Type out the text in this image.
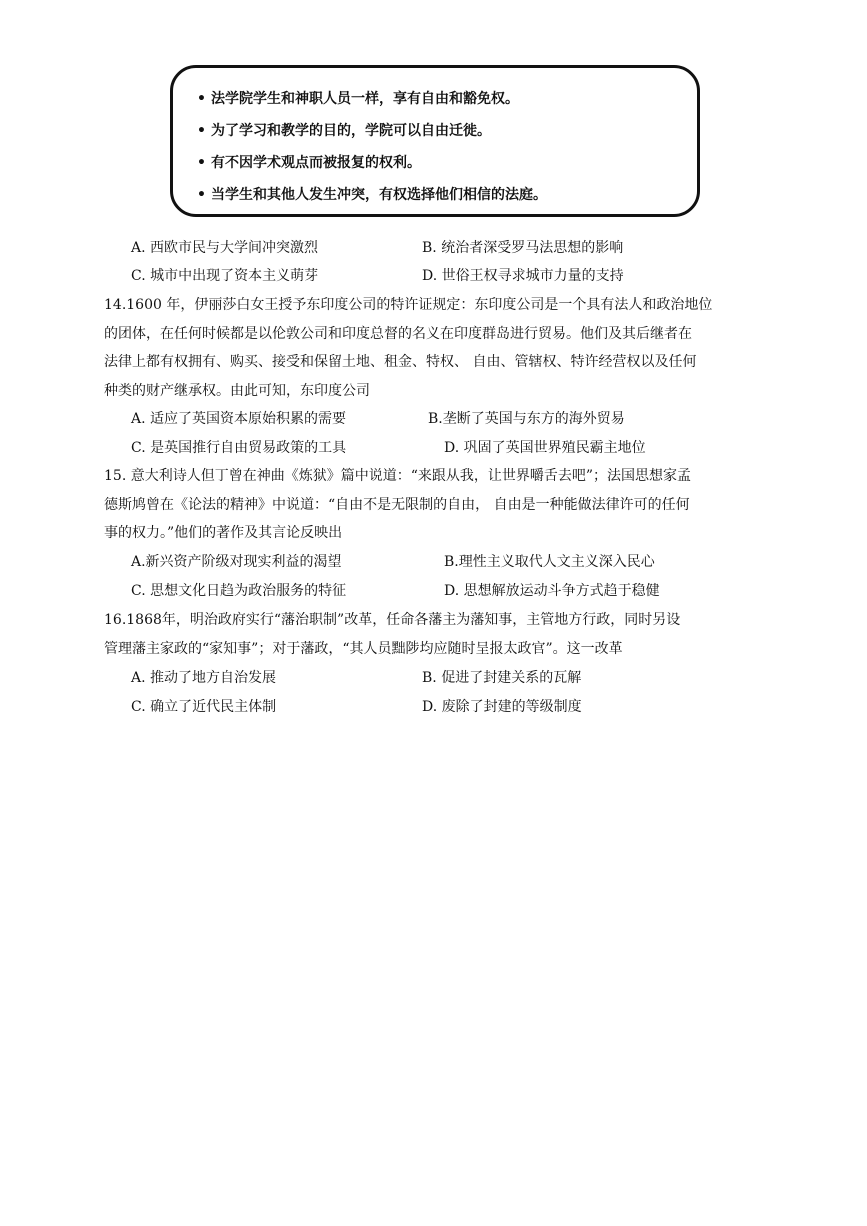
• 法学院学生和神职人员一样，享有自由和豁免权。
• 为了学习和教学的目的，学院可以自由迁徙。
• 有不因学术观点而被报复的权利。
• 当学生和其他人发生冲突，有权选择他们相信的法庭。
A. 西欧市民与大学间冲突激烈	B. 统治者深受罗马法思想的影响
C. 城市中出现了资本主义萌芽	D. 世俗王权寻求城市力量的支持
14.1600 年，伊丽莎白女王授予东印度公司的特许证规定：东印度公司是一个具有法人和政治地位
的团体，在任何时候都是以伦敦公司和印度总督的名义在印度群岛进行贸易。他们及其后继者在
法律上都有权拥有、购买、接受和保留土地、租金、特权、 自由、管辖权、特许经营权以及任何
种类的财产继承权。由此可知，东印度公司
A. 适应了英国资本原始积累的需要	B.垄断了英国与东方的海外贸易
C. 是英国推行自由贸易政策的工具	D. 巩固了英国世界殖民霸主地位
15. 意大利诗人但丁曾在神曲《炼狱》篇中说道：“来跟从我，让世界嚼舌去吧”；法国思想家孟
德斯鸠曾在《论法的精神》中说道：“自由不是无限制的自由， 自由是一种能做法律许可的任何
事的权力。”他们的著作及其言论反映出
A.新兴资产阶级对现实利益的渴望	B.理性主义取代人文主义深入民心
C. 思想文化日趋为政治服务的特征	D. 思想解放运动斗争方式趋于稳健
16.1868年，明治政府实行“藩治职制”改革，任命各藩主为藩知事，主管地方行政，同时另设
管理藩主家政的“家知事”；对于藩政，“其人员黜陟均应随时呈报太政官”。这一改革
A. 推动了地方自治发展	B. 促进了封建关系的瓦解
C. 确立了近代民主体制	D. 废除了封建的等级制度
